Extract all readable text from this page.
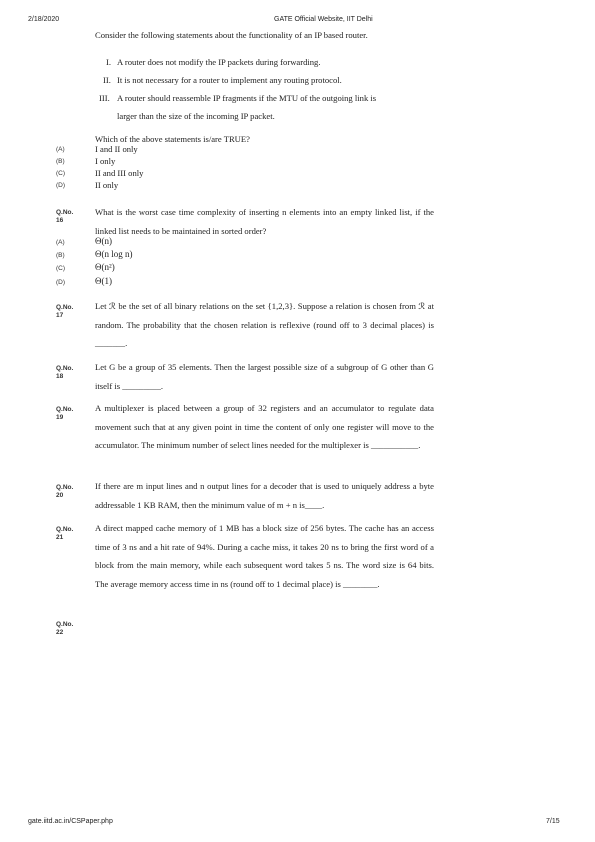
2/18/2020	GATE Official Website, IIT Delhi
Consider the following statements about the functionality of an IP based router.
I. A router does not modify the IP packets during forwarding.
II. It is not necessary for a router to implement any routing protocol.
III. A router should reassemble IP fragments if the MTU of the outgoing link is
larger than the size of the incoming IP packet.
Which of the above statements is/are TRUE?
(A)	I and II only
(B)	I only
(C)	II and III only
(D)	II only
Q.No. 16
What is the worst case time complexity of inserting n elements into an empty linked list, if the linked list needs to be maintained in sorted order?
(A)	Θ(n)
(B)	Θ(n log n)
(C)	Θ(n²)
(D)	Θ(1)
Q.No. 17
Let ℛ be the set of all binary relations on the set {1,2,3}. Suppose a relation is chosen from ℛ at random. The probability that the chosen relation is reflexive (round off to 3 decimal places) is _______.
Q.No. 18
Let G be a group of 35 elements. Then the largest possible size of a subgroup of G other than G itself is _________.
Q.No. 19
A multiplexer is placed between a group of 32 registers and an accumulator to regulate data movement such that at any given point in time the content of only one register will move to the accumulator. The minimum number of select lines needed for the multiplexer is ___________.
Q.No. 20
If there are m input lines and n output lines for a decoder that is used to uniquely address a byte addressable 1 KB RAM, then the minimum value of m + n is____.
Q.No. 21
A direct mapped cache memory of 1 MB has a block size of 256 bytes. The cache has an access time of 3 ns and a hit rate of 94%. During a cache miss, it takes 20 ns to bring the first word of a block from the main memory, while each subsequent word takes 5 ns. The word size is 64 bits. The average memory access time in ns (round off to 1 decimal place) is ________.
Q.No. 22
gate.iitd.ac.in/CSPaper.php	7/15
